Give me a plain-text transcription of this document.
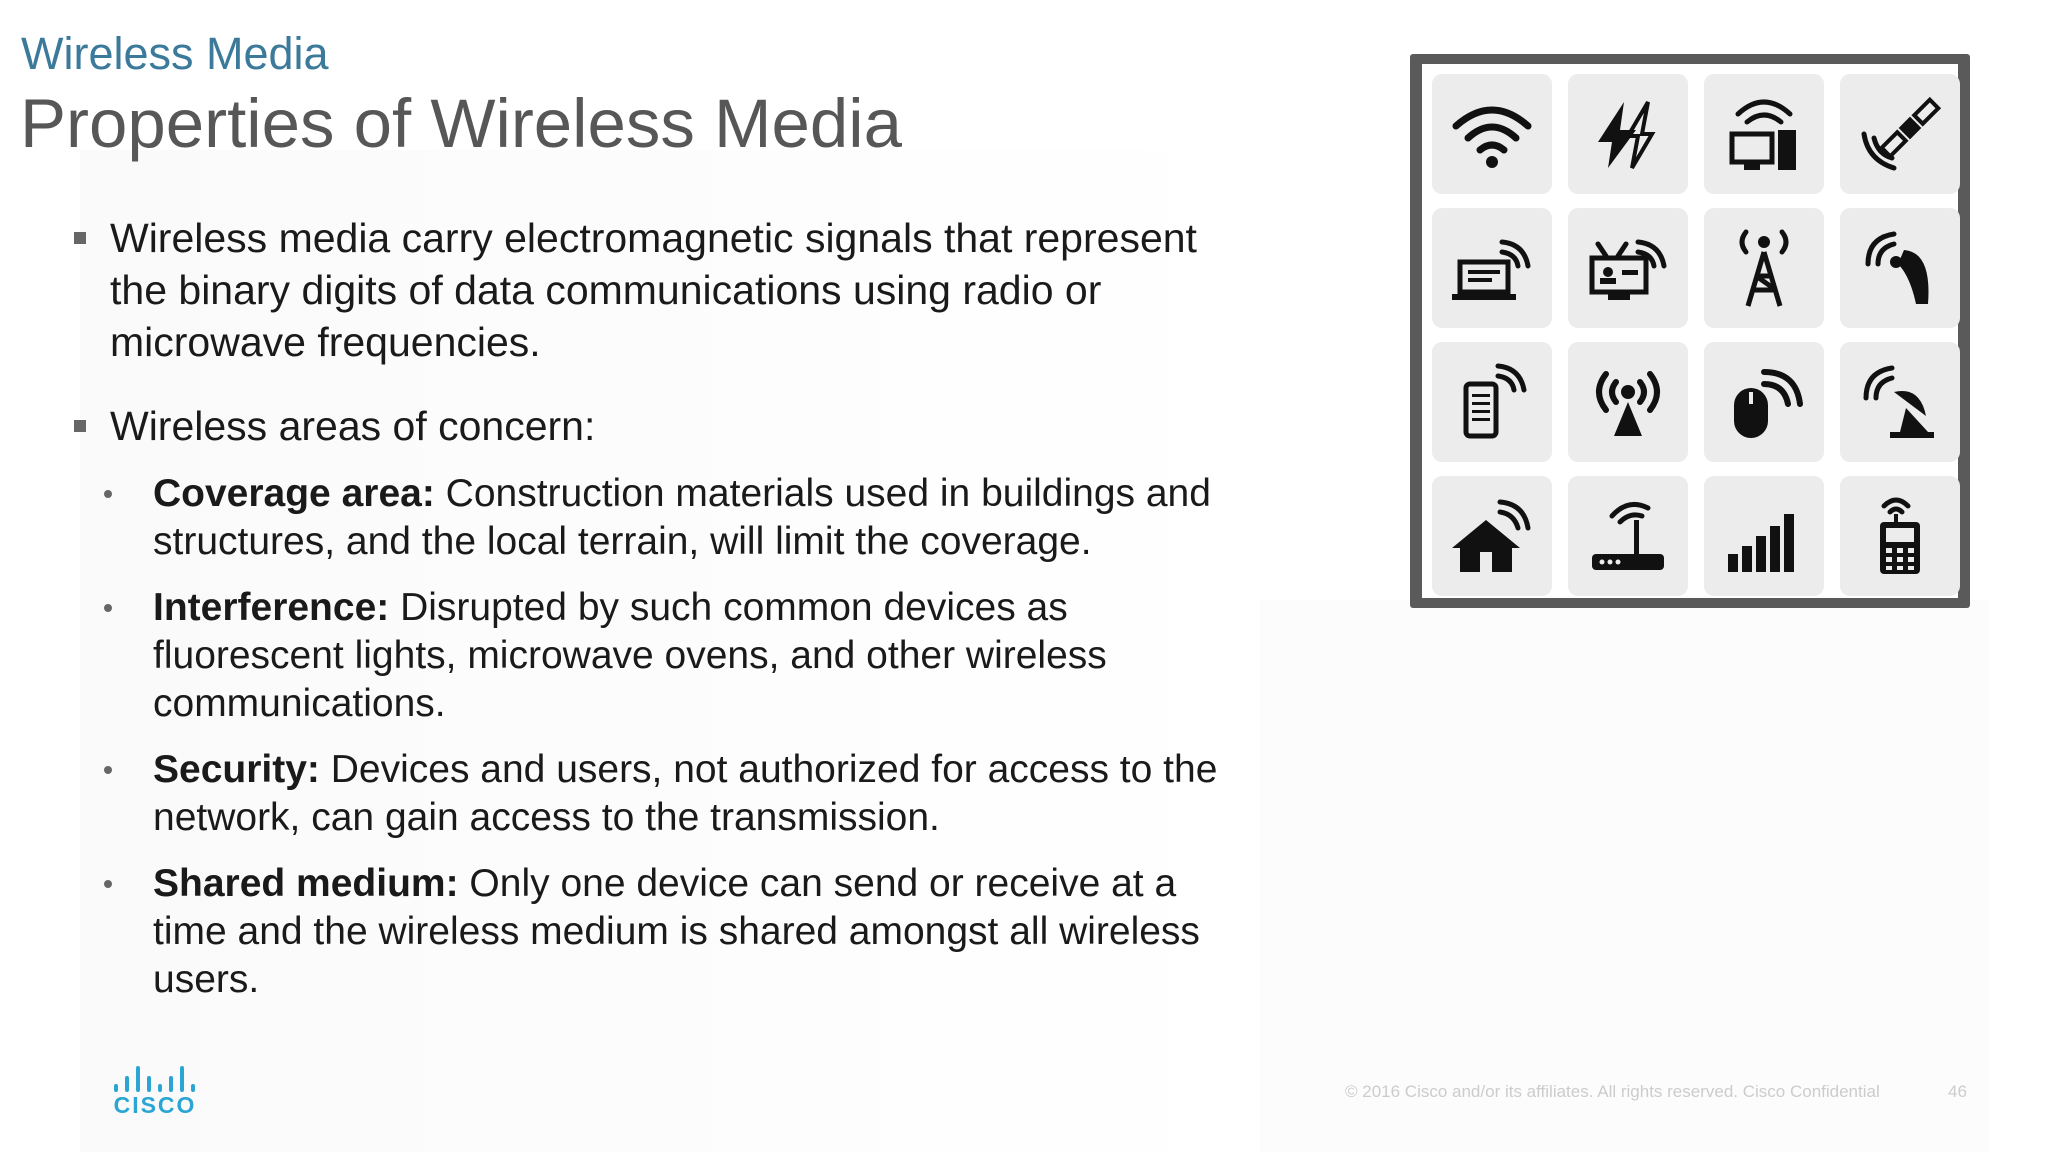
Wireless Media
Properties of Wireless Media
Wireless media carry electromagnetic signals that represent the binary digits of data communications using radio or microwave frequencies.
Wireless areas of concern:
Coverage area: Construction materials used in buildings and structures, and the local terrain, will limit the coverage.
Interference: Disrupted by such common devices as fluorescent lights, microwave ovens, and other wireless communications.
Security: Devices and users, not authorized for access to the network, can gain access to the transmission.
Shared medium: Only one device can send or receive at a time and the wireless medium is shared amongst all wireless users.
CISCO
© 2016 Cisco and/or its affiliates. All rights reserved. Cisco Confidential	46
